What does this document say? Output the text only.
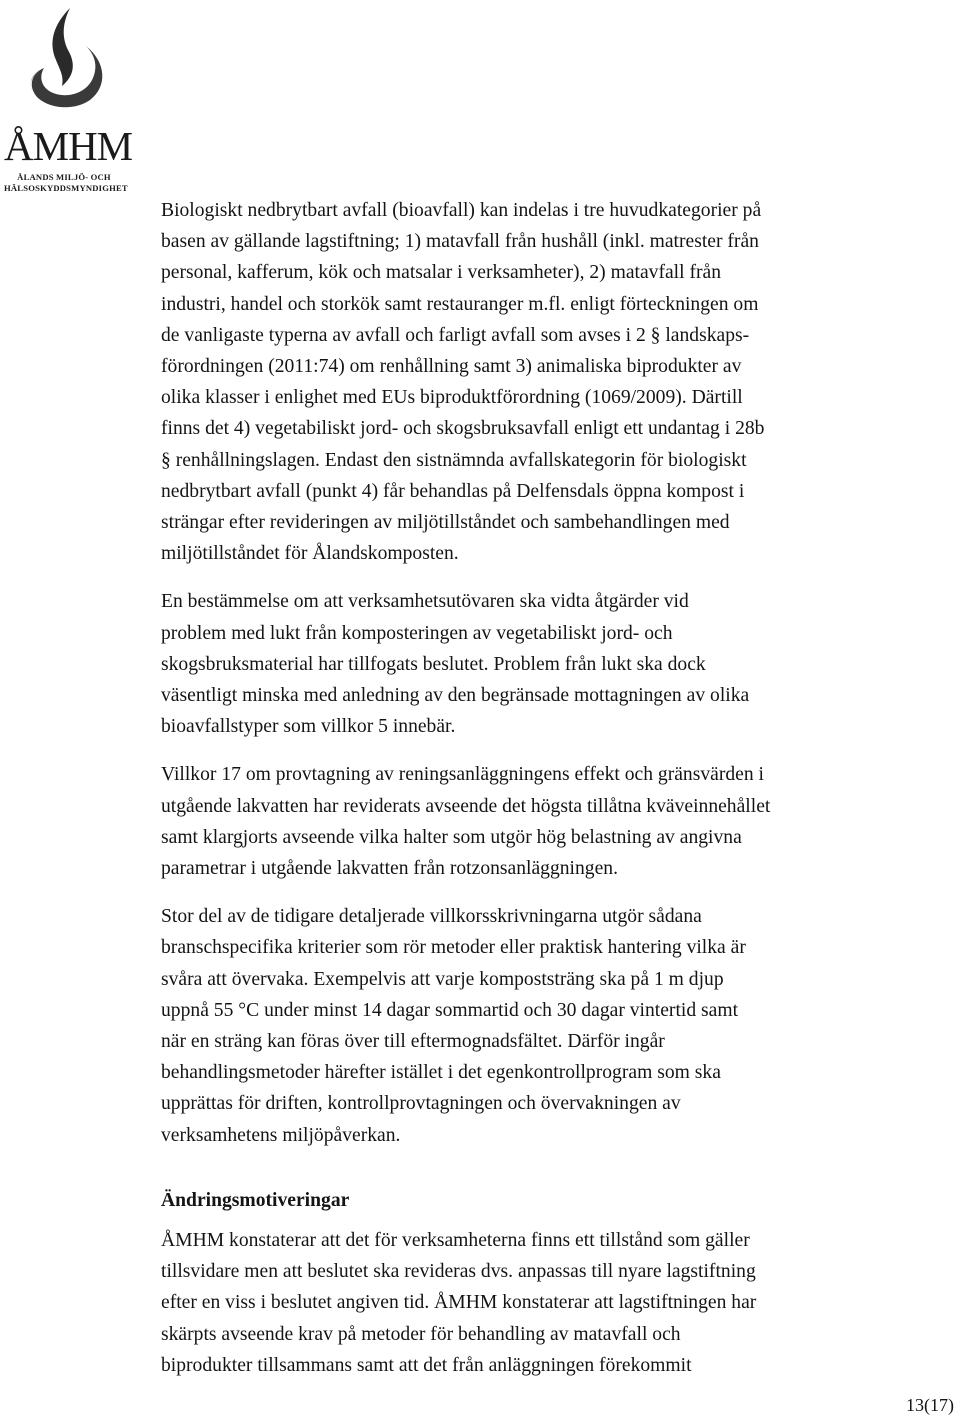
ÅMHM
ÅLANDS MILJÖ- OCH
HÄLSOSKYDDSMYNDIGHET

Biologiskt nedbrytbart avfall (bioavfall) kan indelas i tre huvudkategorier på
basen av gällande lagstiftning; 1) matavfall från hushåll (inkl. matrester från
personal, kafferum, kök och matsalar i verksamheter), 2) matavfall från
industri, handel och storkök samt restauranger m.fl. enligt förteckningen om
de vanligaste typerna av avfall och farligt avfall som avses i 2 § landskaps-
förordningen (2011:74) om renhållning samt 3) animaliska biprodukter av
olika klasser i enlighet med EUs biproduktförordning (1069/2009). Därtill
finns det 4) vegetabiliskt jord- och skogsbruksavfall enligt ett undantag i 28b
§ renhållningslagen. Endast den sistnämnda avfallskategorin för biologiskt
nedbrytbart avfall (punkt 4) får behandlas på Delfensdals öppna kompost i
strängar efter revideringen av miljötillståndet och sambehandlingen med
miljötillståndet för Ålandskomposten.

En bestämmelse om att verksamhetsutövaren ska vidta åtgärder vid
problem med lukt från komposteringen av vegetabiliskt jord- och
skogsbruksmaterial har tillfogats beslutet. Problem från lukt ska dock
väsentligt minska med anledning av den begränsade mottagningen av olika
bioavfallstyper som villkor 5 innebär.

Villkor 17 om provtagning av reningsanläggningens effekt och gränsvärden i
utgående lakvatten har reviderats avseende det högsta tillåtna kväveinnehållet
samt klargjorts avseende vilka halter som utgör hög belastning av angivna
parametrar i utgående lakvatten från rotzonsanläggningen.

Stor del av de tidigare detaljerade villkorsskrivningarna utgör sådana
branschspecifika kriterier som rör metoder eller praktisk hantering vilka är
svåra att övervaka. Exempelvis att varje kompoststräng ska på 1 m djup
uppnå 55 °C under minst 14 dagar sommartid och 30 dagar vintertid samt
när en sträng kan föras över till eftermognadsfältet. Därför ingår
behandlingsmetoder härefter istället i det egenkontrollprogram som ska
upprättas för driften, kontrollprovtagningen och övervakningen av
verksamhetens miljöpåverkan.

Ändringsmotiveringar

ÅMHM konstaterar att det för verksamheterna finns ett tillstånd som gäller
tillsvidare men att beslutet ska revideras dvs. anpassas till nyare lagstiftning
efter en viss i beslutet angiven tid. ÅMHM konstaterar att lagstiftningen har
skärpts avseende krav på metoder för behandling av matavfall och
biprodukter tillsammans samt att det från anläggningen förekommit

13(17)
